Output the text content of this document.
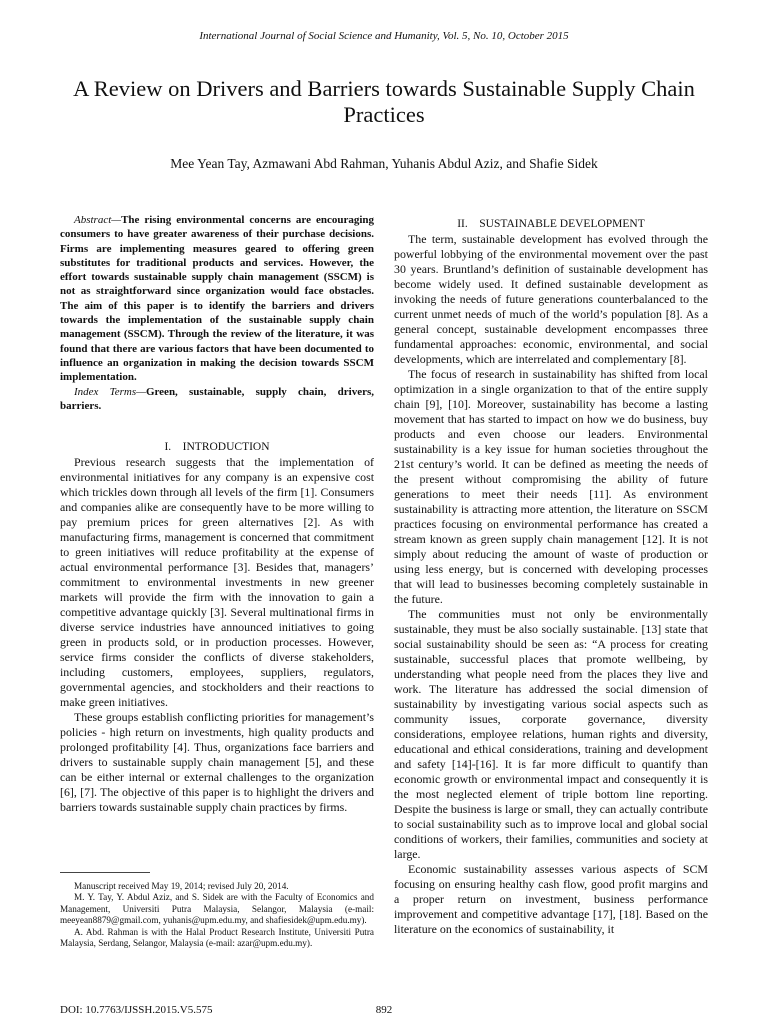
International Journal of Social Science and Humanity, Vol. 5, No. 10, October 2015
A Review on Drivers and Barriers towards Sustainable Supply Chain Practices
Mee Yean Tay, Azmawani Abd Rahman, Yuhanis Abdul Aziz, and Shafie Sidek

Abstract—The rising environmental concerns are encouraging consumers to have greater awareness of their purchase decisions. Firms are implementing measures geared to offering green substitutes for traditional products and services. However, the effort towards sustainable supply chain management (SSCM) is not as straightforward since organization would face obstacles. The aim of this paper is to identify the barriers and drivers towards the implementation of the sustainable supply chain management (SSCM). Through the review of the literature, it was found that there are various factors that have been documented to influence an organization in making the decision towards SSCM implementation.

Index Terms—Green, sustainable, supply chain, drivers, barriers.

I. INTRODUCTION

Previous research suggests that the implementation of environmental initiatives for any company is an expensive cost which trickles down through all levels of the firm [1]. Consumers and companies alike are consequently have to be more willing to pay premium prices for green alternatives [2]. As with manufacturing firms, management is concerned that commitment to green initiatives will reduce profitability at the expense of actual environmental performance [3]. Besides that, managers’ commitment to environmental investments in new greener markets will provide the firm with the innovation to gain a competitive advantage quickly [3]. Several multinational firms in diverse service industries have announced initiatives to going green in products sold, or in production processes. However, service firms consider the conflicts of diverse stakeholders, including customers, employees, suppliers, regulators, governmental agencies, and stockholders and their reactions to make green initiatives.

These groups establish conflicting priorities for management’s policies - high return on investments, high quality products and prolonged profitability [4]. Thus, organizations face barriers and drivers to sustainable supply chain management [5], and these can be either internal or external challenges to the organization [6], [7]. The objective of this paper is to highlight the drivers and barriers towards sustainable supply chain practices by firms.

Manuscript received May 19, 2014; revised July 20, 2014.

M. Y. Tay, Y. Abdul Aziz, and S. Sidek are with the Faculty of Economics and Management, Universiti Putra Malaysia, Selangor, Malaysia (e-mail: meeyean8879@gmail.com, yuhanis@upm.edu.my, and shafiesidek@upm.edu.my).

A. Abd. Rahman is with the Halal Product Research Institute, Universiti Putra Malaysia, Serdang, Selangor, Malaysia (e-mail: azar@upm.edu.my).

II. SUSTAINABLE DEVELOPMENT

The term, sustainable development has evolved through the powerful lobbying of the environmental movement over the past 30 years. Bruntland’s definition of sustainable development has become widely used. It defined sustainable development as invoking the needs of future generations counterbalanced to the current unmet needs of much of the world’s population [8]. As a general concept, sustainable development encompasses three fundamental approaches: economic, environmental, and social developments, which are interrelated and complementary [8].

The focus of research in sustainability has shifted from local optimization in a single organization to that of the entire supply chain [9], [10]. Moreover, sustainability has become a lasting movement that has started to impact on how we do business, buy products and even choose our leaders. Environmental sustainability is a key issue for human societies throughout the 21st century’s world. It can be defined as meeting the needs of the present without compromising the ability of future generations to meet their needs [11]. As environment sustainability is attracting more attention, the literature on SSCM practices focusing on environmental performance has created a stream known as green supply chain management [12]. It is not simply about reducing the amount of waste of production or using less energy, but is concerned with developing processes that will lead to businesses becoming completely sustainable in the future.

The communities must not only be environmentally sustainable, they must be also socially sustainable. [13] state that social sustainability should be seen as: “A process for creating sustainable, successful places that promote wellbeing, by understanding what people need from the places they live and work. The literature has addressed the social dimension of sustainability by investigating various social aspects such as community issues, corporate governance, diversity considerations, employee relations, human rights and diversity, educational and ethical considerations, training and development and safety [14]-[16]. It is far more difficult to quantify than economic growth or environmental impact and consequently it is the most neglected element of triple bottom line reporting. Despite the business is large or small, they can actually contribute to social sustainability such as to improve local and global social conditions of workers, their families, communities and society at large.

Economic sustainability assesses various aspects of SCM focusing on ensuring healthy cash flow, good profit margins and a proper return on investment, business performance improvement and competitive advantage [17], [18]. Based on the literature on the economics of sustainability, it

DOI: 10.7763/IJSSH.2015.V5.575	892
